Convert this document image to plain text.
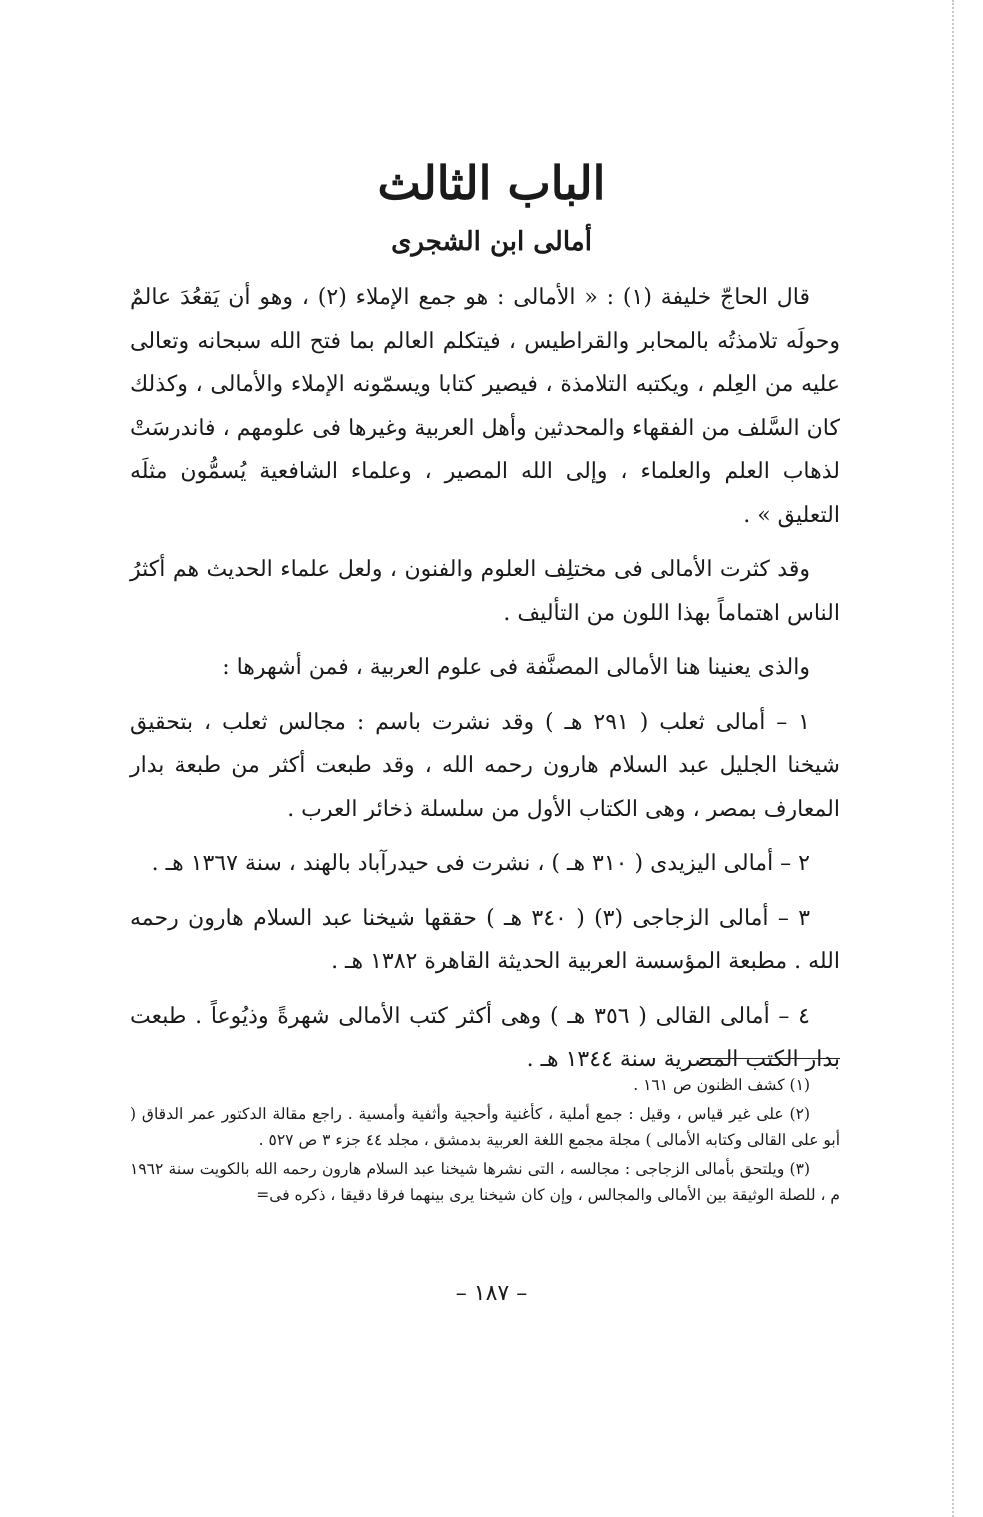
الباب الثالث
أمالى ابن الشجرى

قال الحاجّ خليفة (١) : « الأمالى : هو جمع الإملاء (٢) ، وهو أن يَقعُدَ عالمٌ وحولَه تلامذتُه بالمحابر والقراطيس ، فيتكلم العالم بما فتح الله سبحانه وتعالى عليه من العِلم ، ويكتبه التلامذة ، فيصير كتابا ويسمّونه الإملاء والأمالى ، وكذلك كان السَّلف من الفقهاء والمحدثين وأهل العربية وغيرها فى علومهم ، فاندرسَتْ لذهاب العلم والعلماء ، وإلى الله المصير ، وعلماء الشافعية يُسمُّون مثلَه التعليق » .

وقد كثرت الأمالى فى مختلِف العلوم والفنون ، ولعل علماء الحديث هم أكثرُ الناس اهتماماً بهذا اللون من التأليف .

والذى يعنينا هنا الأمالى المصنَّفة فى علوم العربية ، فمن أشهرها :

١ – أمالى ثعلب ( ٢٩١ هـ ) وقد نشرت باسم : مجالس ثعلب ، بتحقيق شيخنا الجليل عبد السلام هارون رحمه الله ، وقد طبعت أكثر من طبعة بدار المعارف بمصر ، وهى الكتاب الأول من سلسلة ذخائر العرب .

٢ – أمالى اليزيدى ( ٣١٠ هـ ) ، نشرت فى حيدرآباد بالهند ، سنة ١٣٦٧ هـ .

٣ – أمالى الزجاجى (٣) ( ٣٤٠ هـ ) حققها شيخنا عبد السلام هارون رحمه الله . مطبعة المؤسسة العربية الحديثة القاهرة ١٣٨٢ هـ .

٤ – أمالى القالى ( ٣٥٦ هـ ) وهى أكثر كتب الأمالى شهرةً وذيُوعاً . طبعت بدار الكتب المصرية سنة ١٣٤٤ هـ .

(١) كشف الظنون ص ١٦١ .

(٢) على غير قياس ، وقيل : جمع أملية ، كأغنية وأحجية وأثفية وأمسية . راجع مقالة الدكتور عمر الدقاق ( أبو على القالى وكتابه الأمالى ) مجلة مجمع اللغة العربية بدمشق ، مجلد ٤٤ جزء ٣ ص ٥٢٧ .

(٣) ويلتحق بأمالى الزجاجى : مجالسه ، التى نشرها شيخنا عبد السلام هارون رحمه الله بالكويت سنة ١٩٦٢ م ، للصلة الوثيقة بين الأمالى والمجالس ، وإن كان شيخنا يرى بينهما فرقا دقيقا ، ذكره فى=

– ١٨٧ –
